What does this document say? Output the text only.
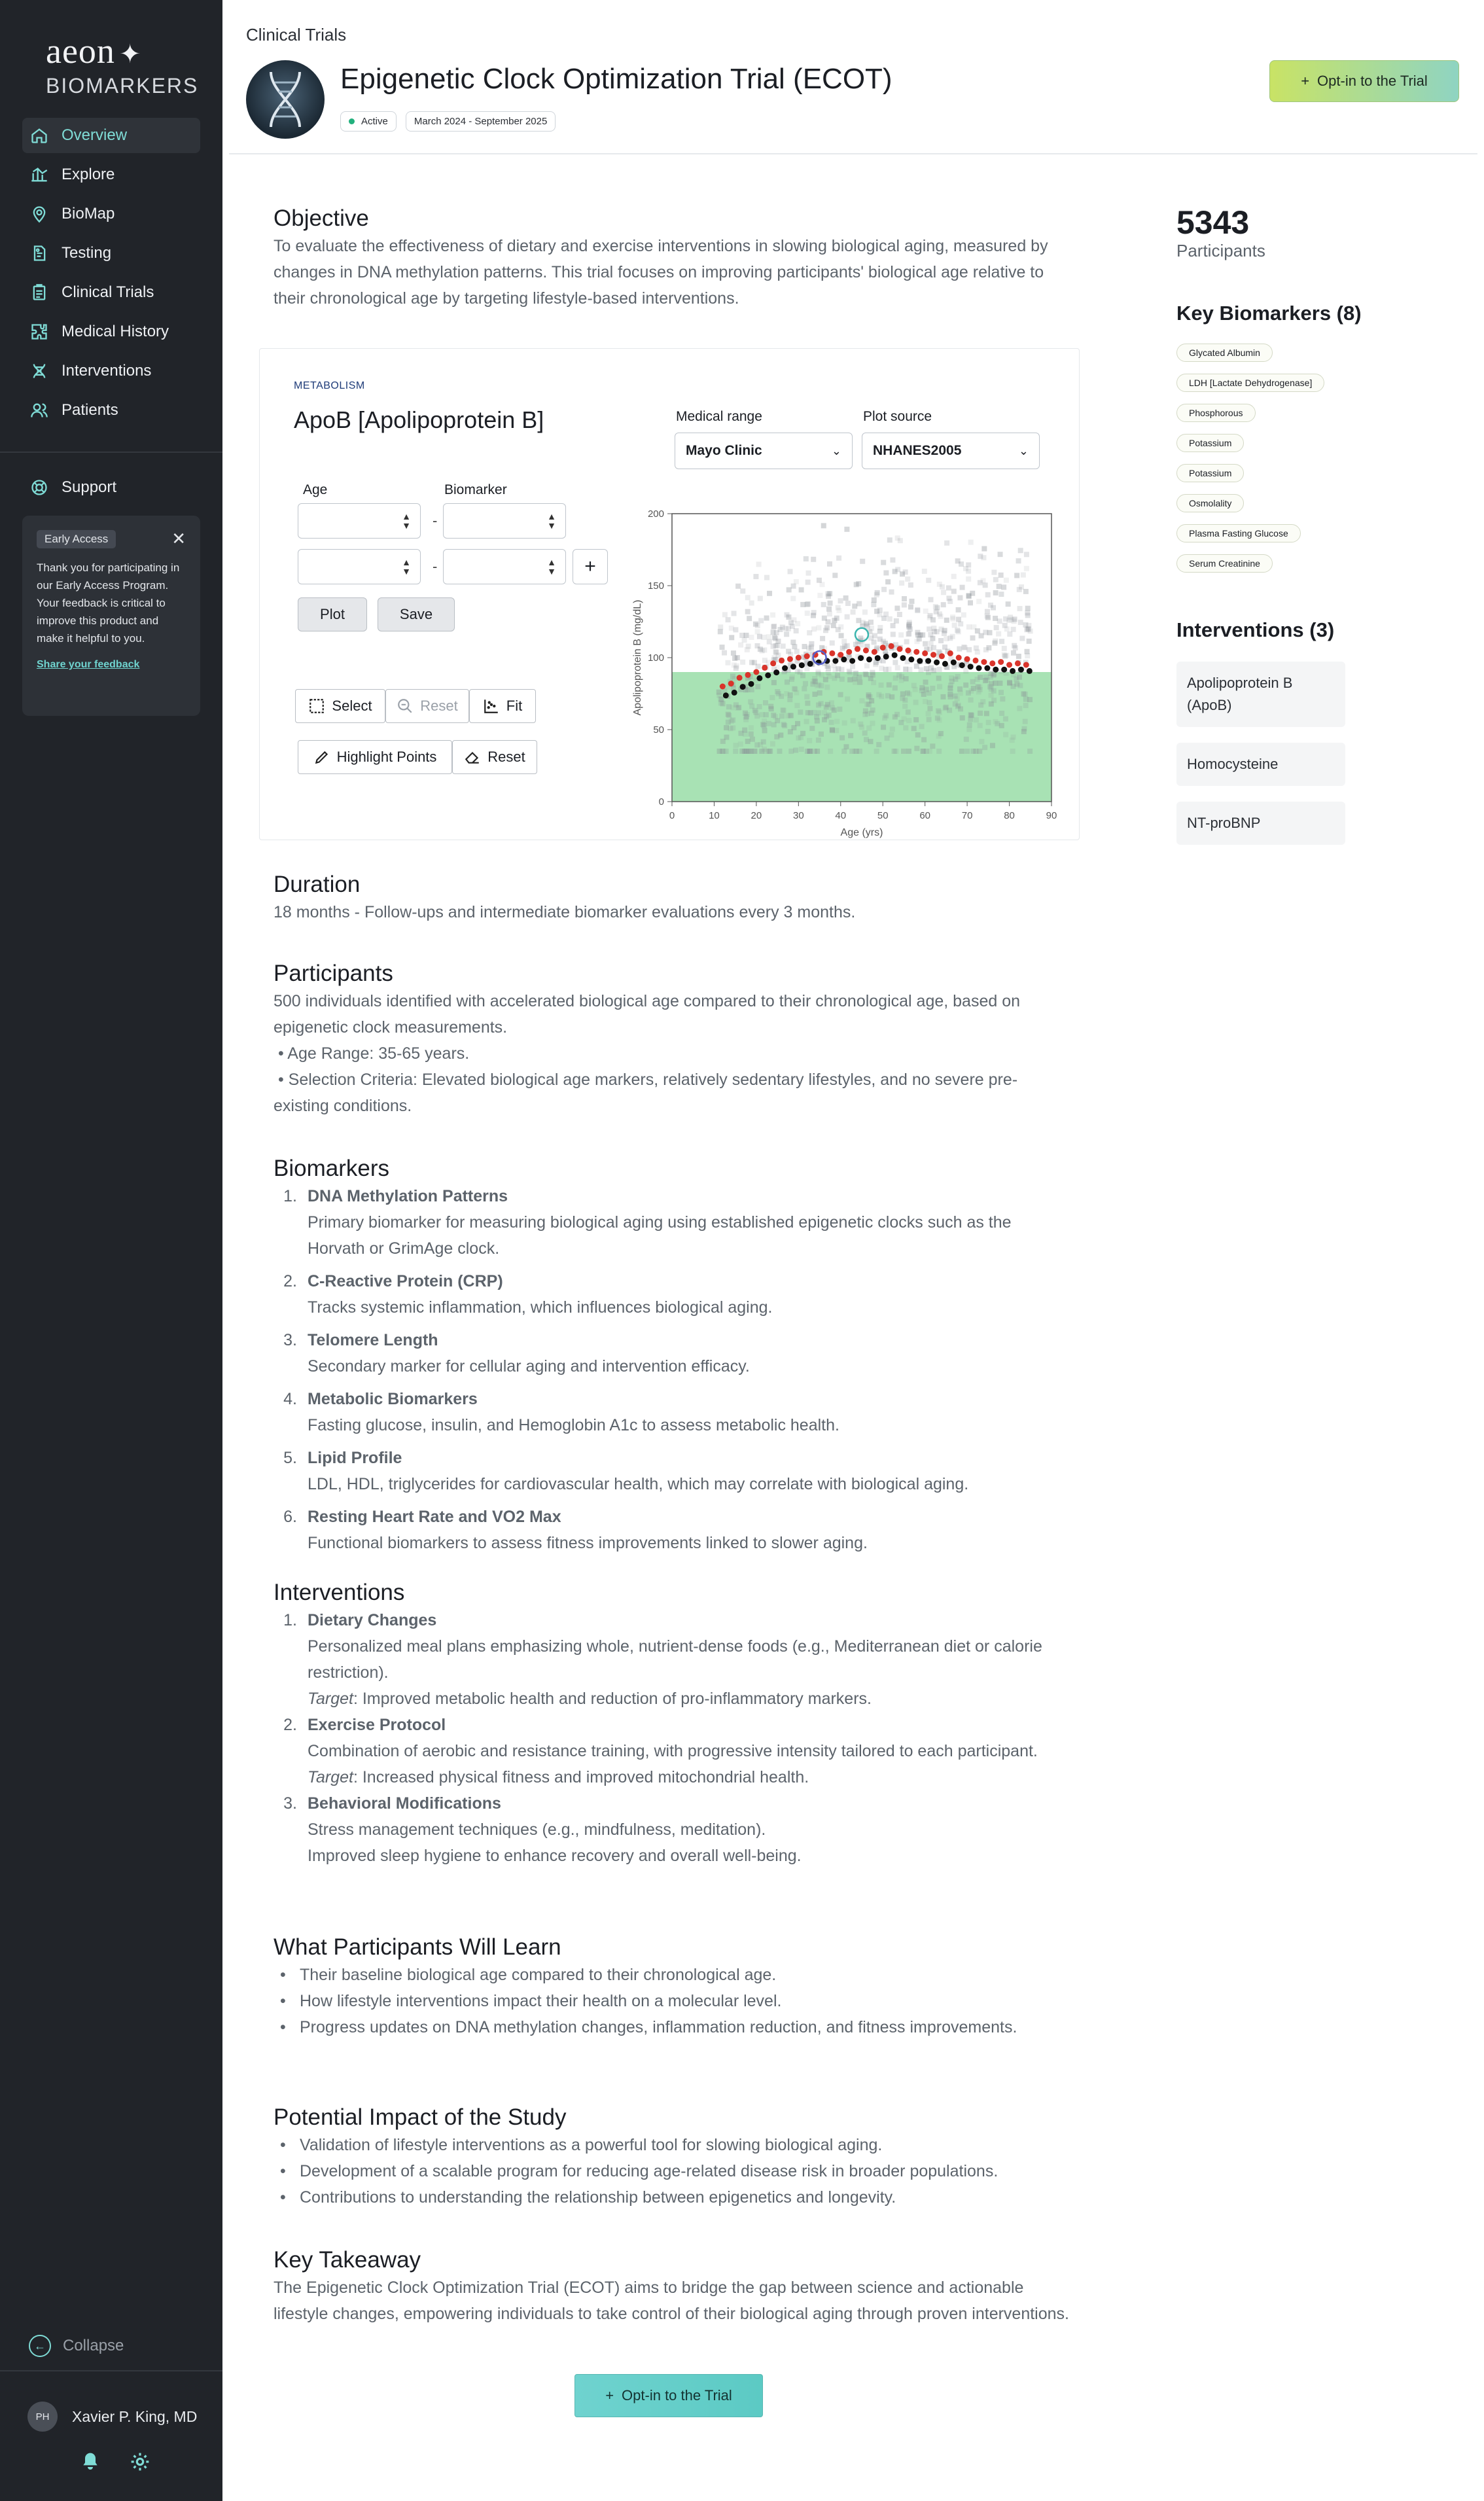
aeon ✦
BIOMARKERS
Overview
Explore
BioMap
Testing
Clinical Trials
Medical History
Interventions
Patients
Support
Early Access	✕
Thank you for participating in our Early Access Program. Your feedback is critical to improve this product and make it helpful to you.
Share your feedback
←	Collapse
PH	Xavier P. King, MD
Clinical Trials
Epigenetic Clock Optimization Trial (ECOT)
Active	March 2024 - September 2025
+ Opt-in to the Trial
Objective

To evaluate the effectiveness of dietary and exercise interventions in slowing biological aging, measured by changes in DNA methylation patterns. This trial focuses on improving participants' biological age relative to their chronological age by targeting lifestyle-based interventions.

METABOLISM
ApoB [Apolipoprotein B]
Age	Biomarker
▲
▼ -	▲
▼
▲
▼ -	▲
▼	+
Plot	Save
Select	Reset	Fit
Highlight Points	Reset
Medical range
Mayo Clinic	⌄
Plot source
NHANES2005	⌄
0	10	20	30	40	50	60	70	80	90
0
50
100
150
200
Age (yrs)
Apolipoprotein B (mg/dL)
Duration

18 months - Follow-ups and intermediate biomarker evaluations every 3 months.

Participants

500 individuals identified with accelerated biological age compared to their chronological age, based on epigenetic clock measurements.

• Age Range: 35-65 years.
• Selection Criteria: Elevated biological age markers, relatively sedentary lifestyles, and no severe pre-existing conditions.
Biomarkers
1. DNA Methylation Patterns
Primary biomarker for measuring biological aging using established epigenetic clocks such as the Horvath or GrimAge clock.
2. C-Reactive Protein (CRP)
Tracks systemic inflammation, which influences biological aging.
3. Telomere Length
Secondary marker for cellular aging and intervention efficacy.
4. Metabolic Biomarkers
Fasting glucose, insulin, and Hemoglobin A1c to assess metabolic health.
5. Lipid Profile
LDL, HDL, triglycerides for cardiovascular health, which may correlate with biological aging.
6. Resting Heart Rate and VO2 Max
Functional biomarkers to assess fitness improvements linked to slower aging.
Interventions
1. Dietary Changes
Personalized meal plans emphasizing whole, nutrient-dense foods (e.g., Mediterranean diet or calorie restriction).
Target: Improved metabolic health and reduction of pro-inflammatory markers.
2. Exercise Protocol
Combination of aerobic and resistance training, with progressive intensity tailored to each participant.
Target: Increased physical fitness and improved mitochondrial health.
3. Behavioral Modifications
Stress management techniques (e.g., mindfulness, meditation).
Improved sleep hygiene to enhance recovery and overall well-being.
What Participants Will Learn
• Their baseline biological age compared to their chronological age.
• How lifestyle interventions impact their health on a molecular level.
• Progress updates on DNA methylation changes, inflammation reduction, and fitness improvements.
Potential Impact of the Study
• Validation of lifestyle interventions as a powerful tool for slowing biological aging.
• Development of a scalable program for reducing age-related disease risk in broader populations.
• Contributions to understanding the relationship between epigenetics and longevity.
Key Takeaway

The Epigenetic Clock Optimization Trial (ECOT) aims to bridge the gap between science and actionable lifestyle changes, empowering individuals to take control of their biological aging through proven interventions.

+ Opt-in to the Trial
5343
Participants
Key Biomarkers (8)
Glycated Albumin
LDH [Lactate Dehydrogenase]
Phosphorous
Potassium
Potassium
Osmolality
Plasma Fasting Glucose
Serum Creatinine
Interventions (3)
Apolipoprotein B (ApoB)
Homocysteine
NT-proBNP
